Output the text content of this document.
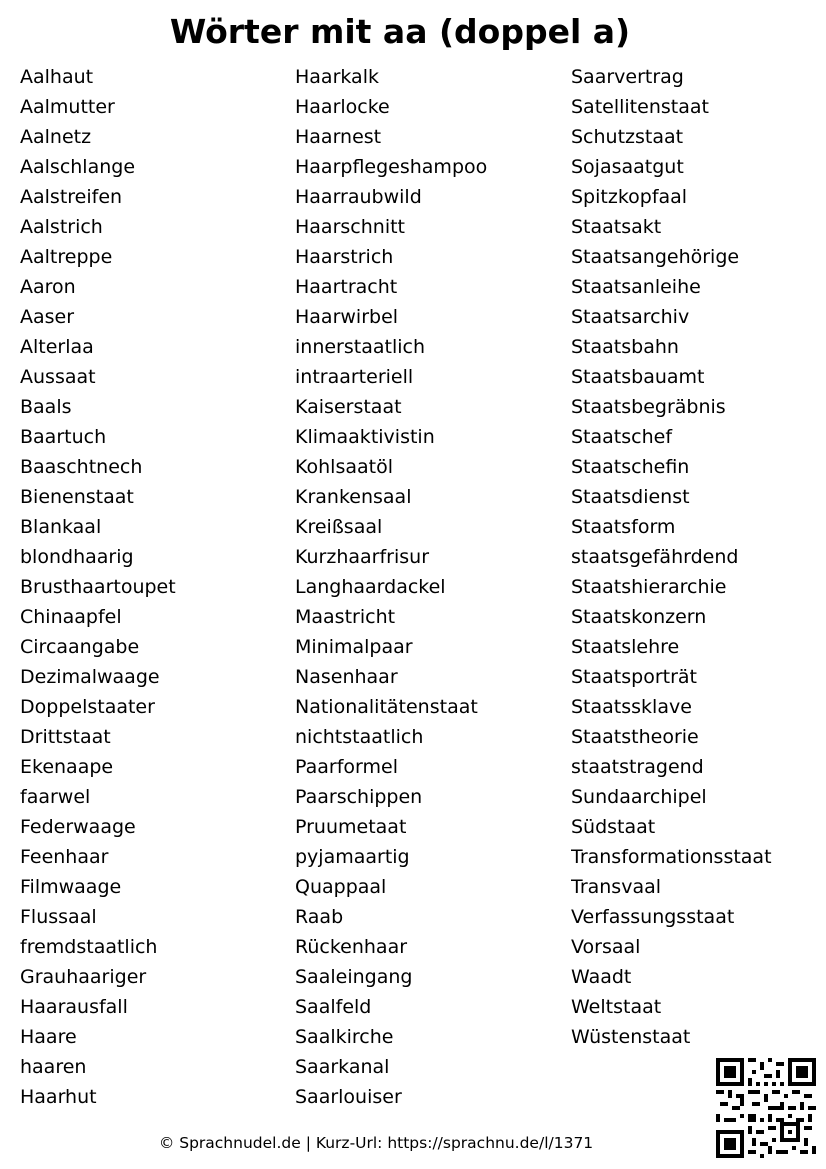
Wörter mit aa (doppel a)
Aalhaut
Aalmutter
Aalnetz
Aalschlange
Aalstreifen
Aalstrich
Aaltreppe
Aaron
Aaser
Alterlaa
Aussaat
Baals
Baartuch
Baaschtnech
Bienenstaat
Blankaal
blondhaarig
Brusthaartoupet
Chinaapfel
Circaangabe
Dezimalwaage
Doppelstaater
Drittstaat
Ekenaape
faarwel
Federwaage
Feenhaar
Filmwaage
Flussaal
fremdstaatlich
Grauhaariger
Haarausfall
Haare
haaren
Haarhut
Haarkalk
Haarlocke
Haarnest
Haarpflegeshampoo
Haarraubwild
Haarschnitt
Haarstrich
Haartracht
Haarwirbel
innerstaatlich
intraarteriell
Kaiserstaat
Klimaaktivistin
Kohlsaatöl
Krankensaal
Kreißsaal
Kurzhaarfrisur
Langhaardackel
Maastricht
Minimalpaar
Nasenhaar
Nationalitätenstaat
nichtstaatlich
Paarformel
Paarschippen
Pruumetaat
pyjamaartig
Quappaal
Raab
Rückenhaar
Saaleingang
Saalfeld
Saalkirche
Saarkanal
Saarlouiser
Saarvertrag
Satellitenstaat
Schutzstaat
Sojasaatgut
Spitzkopfaal
Staatsakt
Staatsangehörige
Staatsanleihe
Staatsarchiv
Staatsbahn
Staatsbauamt
Staatsbegräbnis
Staatschef
Staatschefin
Staatsdienst
Staatsform
staatsgefährdend
Staatshierarchie
Staatskonzern
Staatslehre
Staatsporträt
Staatssklave
Staatstheorie
staatstragend
Sundaarchipel
Südstaat
Transformationsstaat
Transvaal
Verfassungsstaat
Vorsaal
Waadt
Weltstaat
Wüstenstaat
© Sprachnudel.de | Kurz-Url: https://sprachnu.de/l/1371
